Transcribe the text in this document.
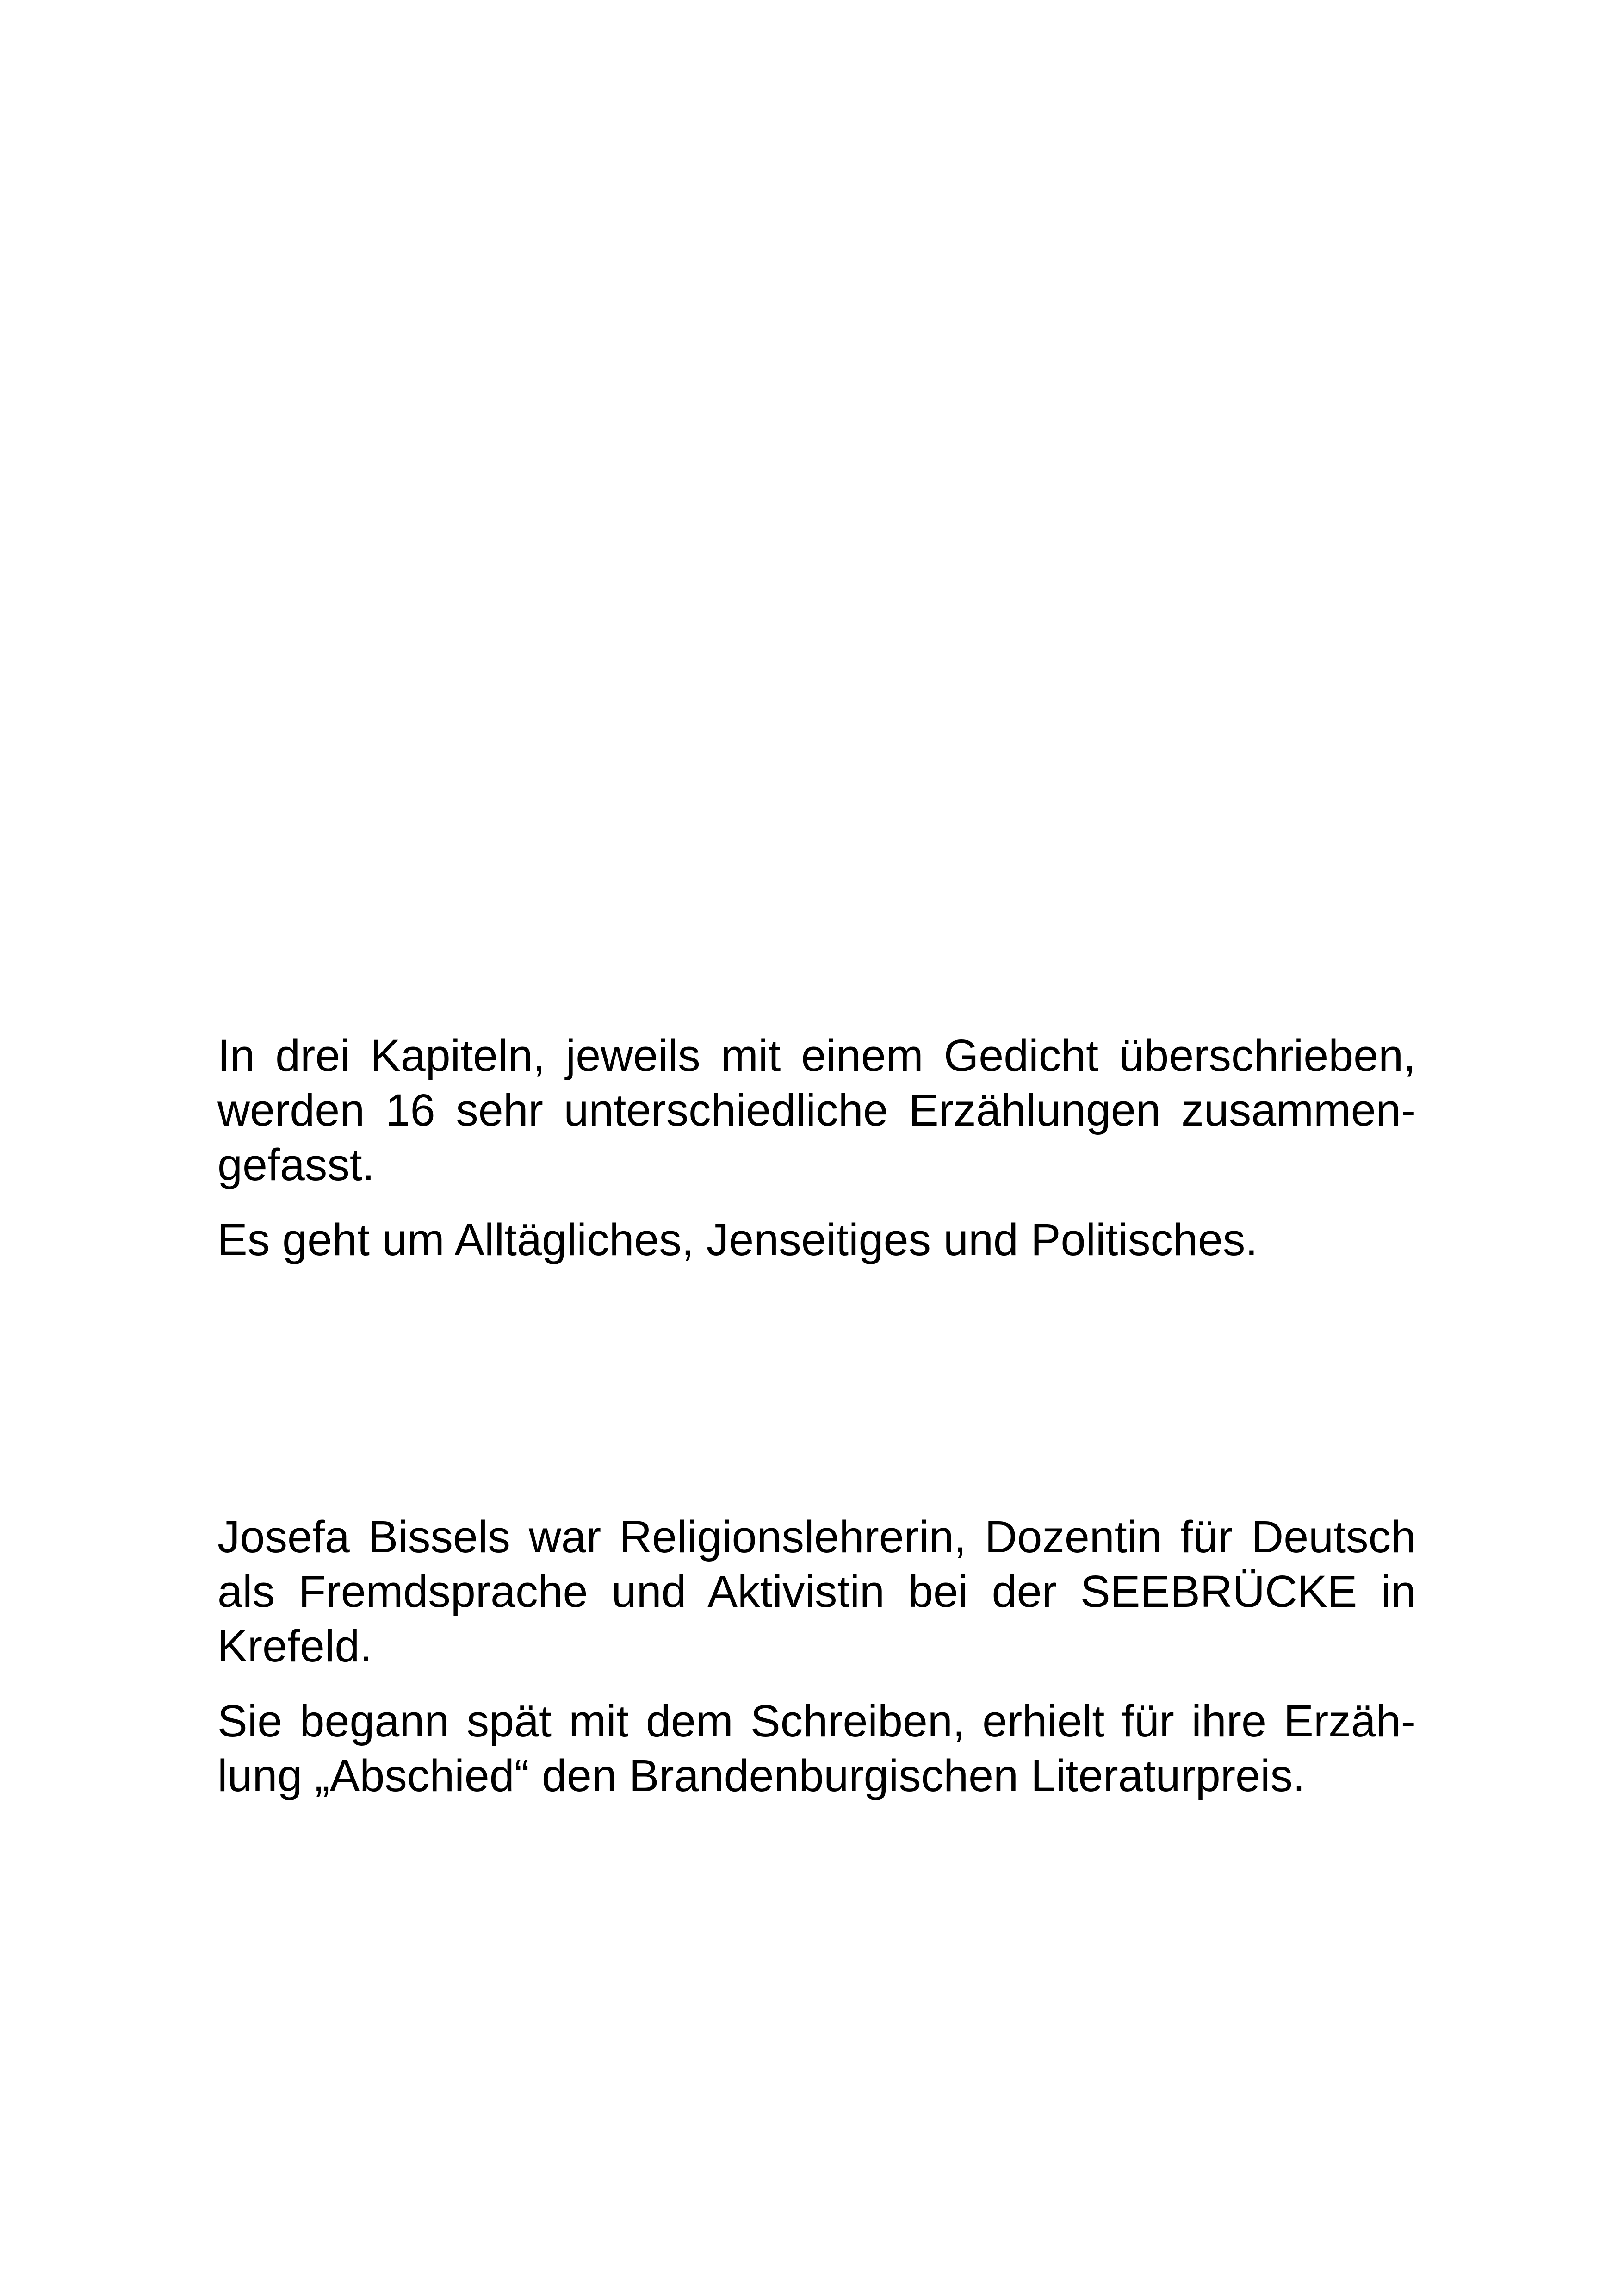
In drei Kapiteln, jeweils mit einem Gedicht überschrieben,
werden 16 sehr unterschiedliche Erzählungen zusammen-
gefasst.
Es geht um Alltägliches, Jenseitiges und Politisches.
Josefa Bissels war Religionslehrerin, Dozentin für Deutsch
als Fremdsprache und Aktivistin bei der SEEBRÜCKE in
Krefeld.
Sie begann spät mit dem Schreiben, erhielt für ihre Erzäh-
lung „Abschied“ den Brandenburgischen Literaturpreis.
